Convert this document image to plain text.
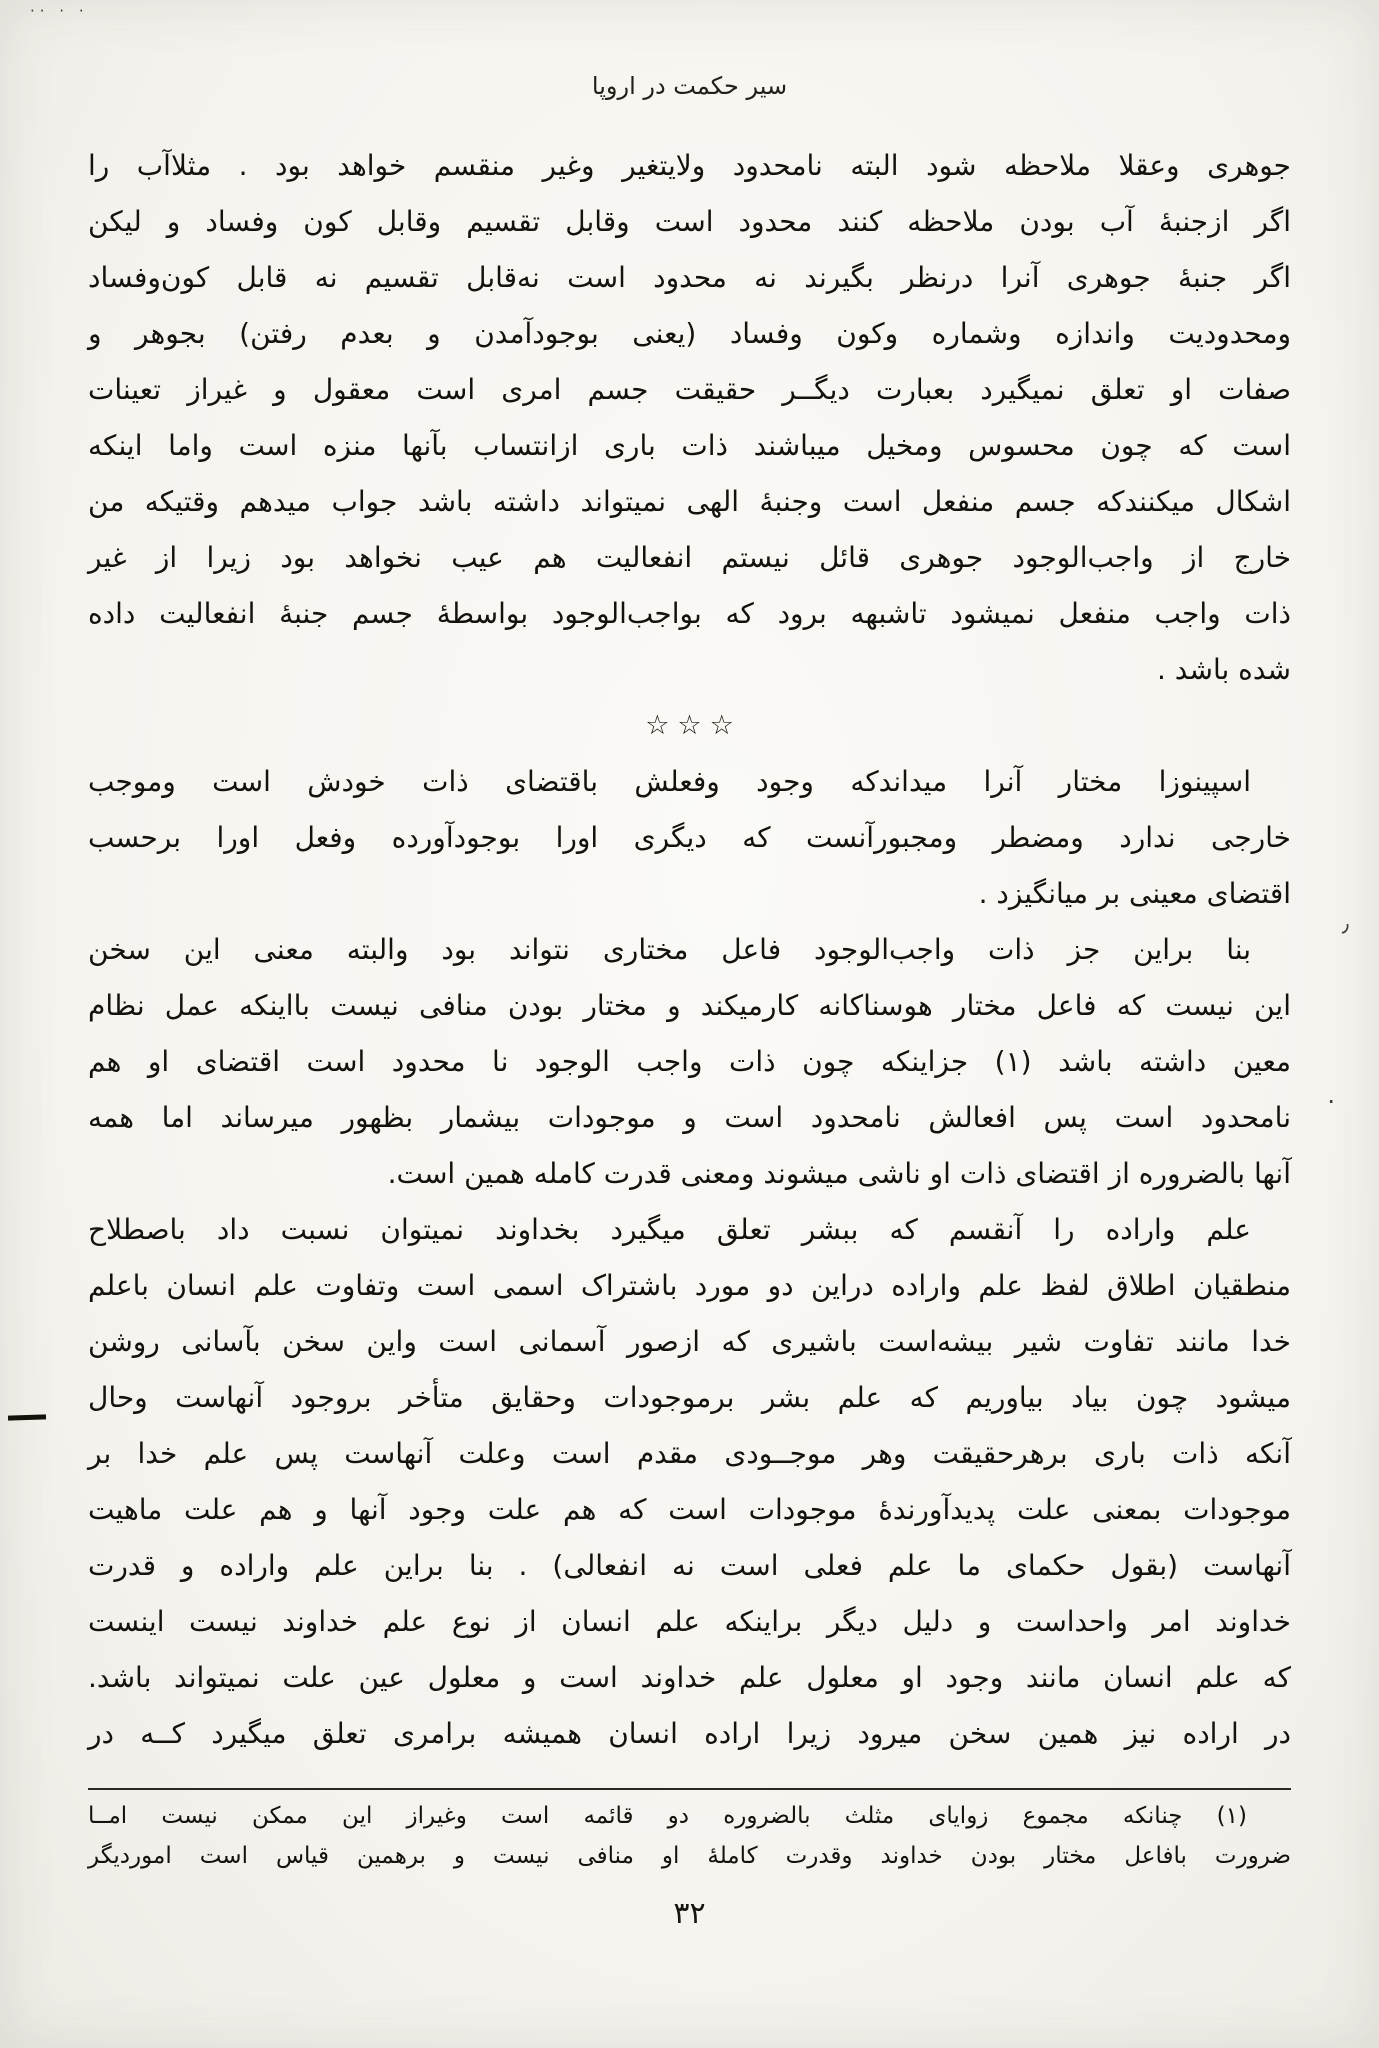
سیر حکمت در اروپا
جوهری وعقلا ملاحظه شود البته نامحدود ولایتغیر وغیر منقسم خواهد بود . مثلاآب را
اگر ازجنبهٔ آب بودن ملاحظه کنند محدود است وقابل تقسیم وقابل کون وفساد و لیکن
اگر جنبهٔ جوهری آنرا درنظر بگیرند نه محدود است نه‌قابل تقسیم نه قابل کون‌وفساد
ومحدودیت واندازه وشماره وکون وفساد (یعنی بوجودآمدن و بعدم رفتن) بجوهر و
صفات او تعلق نمیگیرد بعبارت دیگــر حقیقت جسم امری است معقول و غیراز تعینات
است که چون محسوس ومخیل میباشند ذات باری ازانتساب بآنها منزه است واما اینکه
اشکال میکنندکه جسم منفعل است وجنبهٔ الهی نمیتواند داشته باشد جواب میدهم وقتیکه من
خارج از واجب‌الوجود جوهری قائل نیستم انفعالیت هم عیب نخواهد بود زیرا از غیر
ذات واجب منفعل نمیشود تاشبهه برود که بواجب‌الوجود بواسطهٔ جسم جنبهٔ انفعالیت داده
شده باشد .
☆☆☆
اسپینوزا مختار آنرا میداندکه وجود وفعلش باقتضای ذات خودش است وموجب
خارجی ندارد ومضطر ومجبورآنست که دیگری اورا بوجودآورده وفعل اورا برحسب
اقتضای معینی بر میانگیزد .
بنا براین جز ذات واجب‌الوجود فاعل مختاری نتواند بود والبته معنی این سخن
این نیست که فاعل مختار هوسناکانه کارمیکند و مختار بودن منافی نیست بااینکه عمل نظام
معین داشته باشد (۱) جزاینکه چون ذات واجب الوجود نا محدود است اقتضای او هم
نامحدود است پس افعالش نامحدود است و موجودات بیشمار بظهور میرساند اما همه
آنها بالضروره از اقتضای ذات او ناشی میشوند ومعنی قدرت کامله همین است.
علم واراده را آنقسم که ببشر تعلق میگیرد بخداوند نمیتوان نسبت داد باصطلاح
منطقیان اطلاق لفظ علم واراده دراین دو مورد باشتراک اسمی است وتفاوت علم انسان باعلم
خدا مانند تفاوت شیر بیشه‌است باشیری که ازصور آسمانی است واین سخن بآسانی روشن
میشود چون بیاد بیاوریم که علم بشر برموجودات وحقایق متأخر بروجود آنهاست وحال
آنکه ذات باری برهرحقیقت وهر موجــودی مقدم است وعلت آنهاست پس علم خدا بر
موجودات بمعنی علت پدیدآورندهٔ موجودات است که هم علت وجود آنها و هم علت ماهیت
آنهاست (بقول حکمای ما علم فعلی است نه انفعالی) . بنا براین علم واراده و قدرت
خداوند امر واحداست و دلیل دیگر براینکه علم انسان از نوع علم خداوند نیست اینست
که علم انسان مانند وجود او معلول علم خداوند است و معلول عین علت نمیتواند باشد.
در اراده نیز همین سخن میرود زیرا اراده انسان همیشه برامری تعلق میگیرد کــه در
(۱) چنانکه مجموع زوایای مثلث بالضروره دو قائمه است وغیراز این ممکن نیست امــا
ضرورت بافاعل مختار بودن خداوند وقدرت کاملهٔ او منافی نیست و برهمین قیاس است اموردیگر
۳۲
·· · ·
٫
·
